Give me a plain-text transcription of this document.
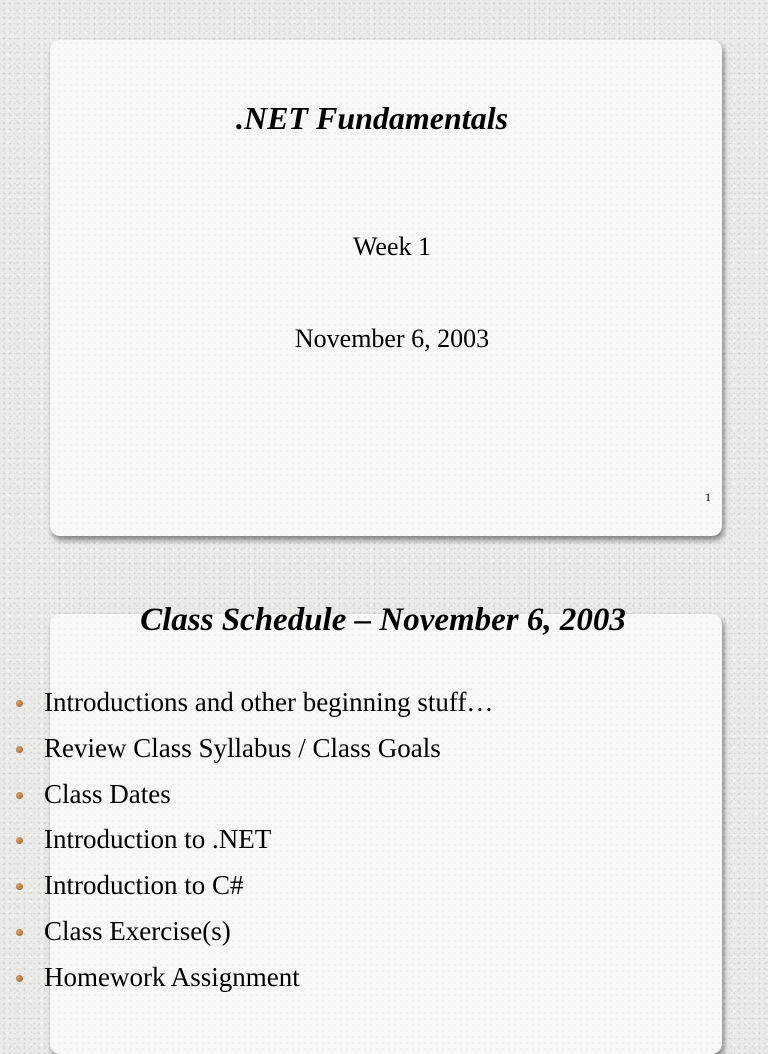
.NET Fundamentals
Week 1
November 6, 2003
1
Class Schedule – November 6, 2003
Introductions and other beginning stuff…
Review Class Syllabus / Class Goals
Class Dates
Introduction to .NET
Introduction to C#
Class Exercise(s)
Homework Assignment
